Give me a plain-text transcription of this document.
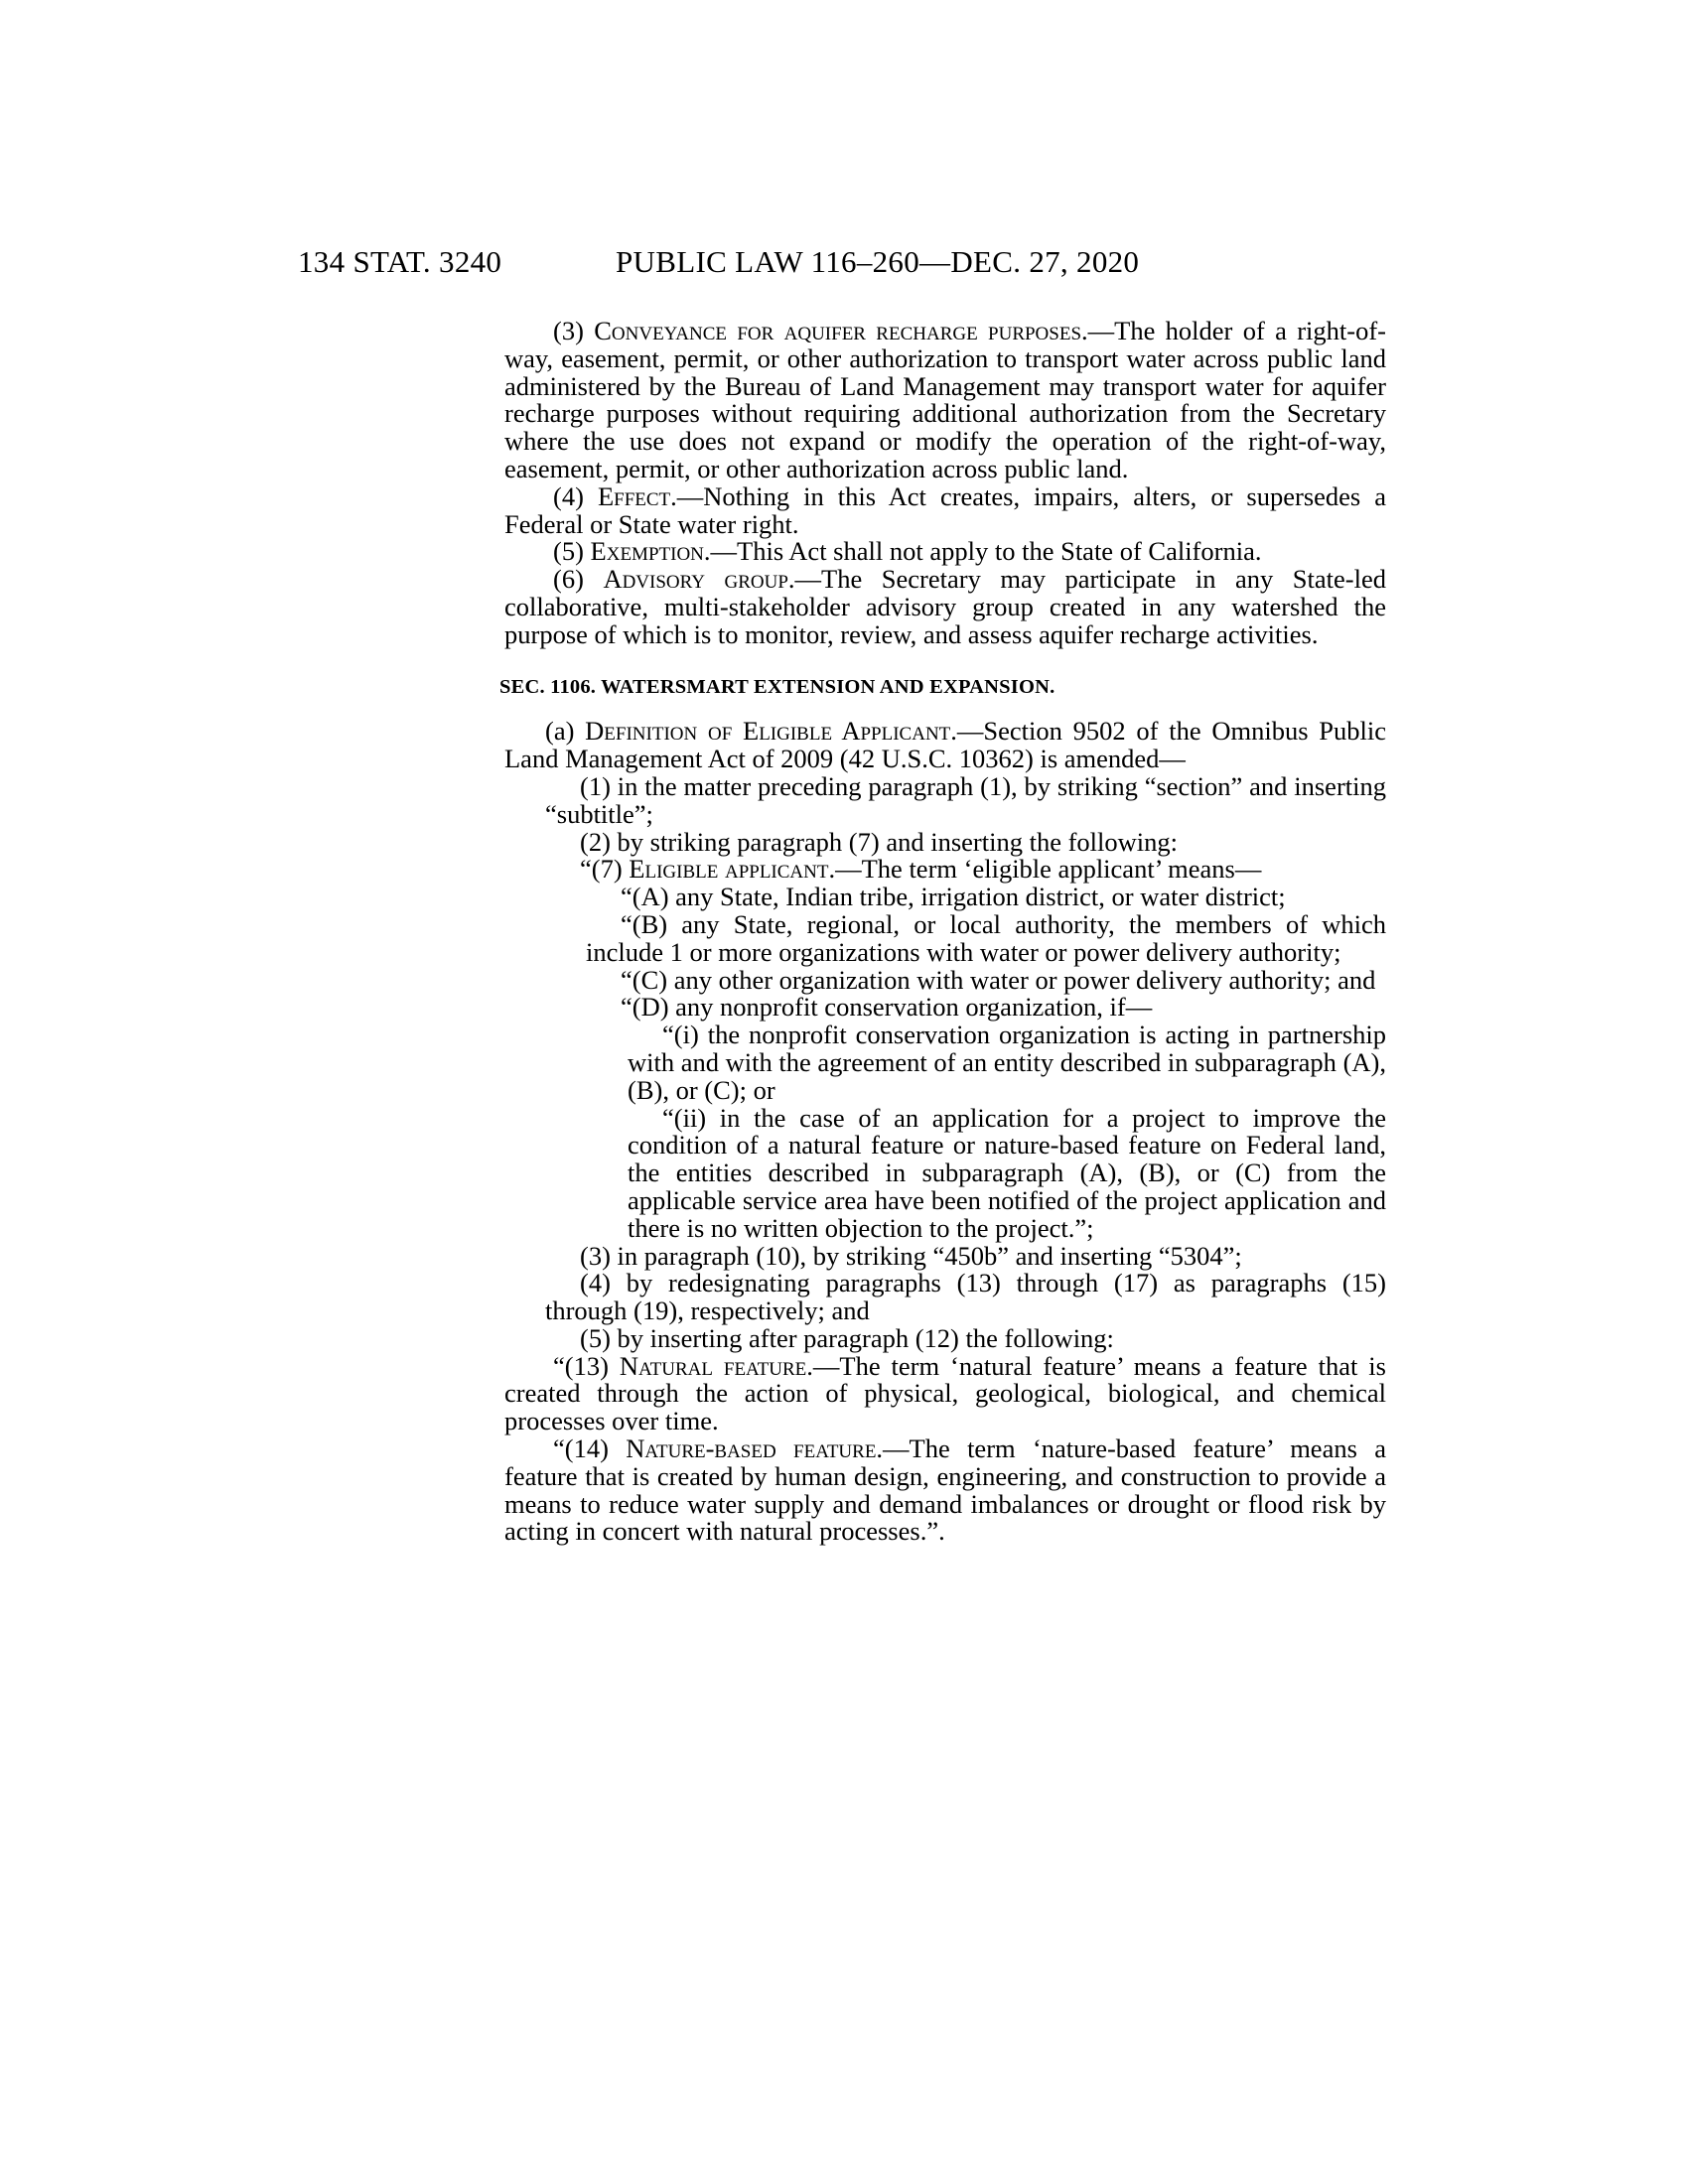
134 STAT. 3240	PUBLIC LAW 116–260—DEC. 27, 2020

(3) Conveyance for aquifer recharge purposes.—The holder of a right-of-way, easement, permit, or other authorization to transport water across public land administered by the Bureau of Land Management may transport water for aquifer recharge purposes without requiring additional authorization from the Secretary where the use does not expand or modify the operation of the right-of-way, easement, permit, or other authorization across public land.

(4) Effect.—Nothing in this Act creates, impairs, alters, or supersedes a Federal or State water right.

(5) Exemption.—This Act shall not apply to the State of California.

(6) Advisory group.—The Secretary may participate in any State-led collaborative, multi-stakeholder advisory group created in any watershed the purpose of which is to monitor, review, and assess aquifer recharge activities.

SEC. 1106. WATERSMART EXTENSION AND EXPANSION.

(a) Definition of Eligible Applicant.—Section 9502 of the Omnibus Public Land Management Act of 2009 (42 U.S.C. 10362) is amended—

(1) in the matter preceding paragraph (1), by striking “section” and inserting “subtitle”;

(2) by striking paragraph (7) and inserting the following:

“(7) Eligible applicant.—The term ‘eligible applicant’ means—

“(A) any State, Indian tribe, irrigation district, or water district;

“(B) any State, regional, or local authority, the members of which include 1 or more organizations with water or power delivery authority;

“(C) any other organization with water or power delivery authority; and

“(D) any nonprofit conservation organization, if—

“(i) the nonprofit conservation organization is acting in partnership with and with the agreement of an entity described in subparagraph (A), (B), or (C); or

“(ii) in the case of an application for a project to improve the condition of a natural feature or nature-based feature on Federal land, the entities described in subparagraph (A), (B), or (C) from the applicable service area have been notified of the project application and there is no written objection to the project.”;

(3) in paragraph (10), by striking “450b” and inserting “5304”;

(4) by redesignating paragraphs (13) through (17) as paragraphs (15) through (19), respectively; and

(5) by inserting after paragraph (12) the following:

“(13) Natural feature.—The term ‘natural feature’ means a feature that is created through the action of physical, geological, biological, and chemical processes over time.

“(14) Nature-based feature.—The term ‘nature-based feature’ means a feature that is created by human design, engineering, and construction to provide a means to reduce water supply and demand imbalances or drought or flood risk by acting in concert with natural processes.”.
